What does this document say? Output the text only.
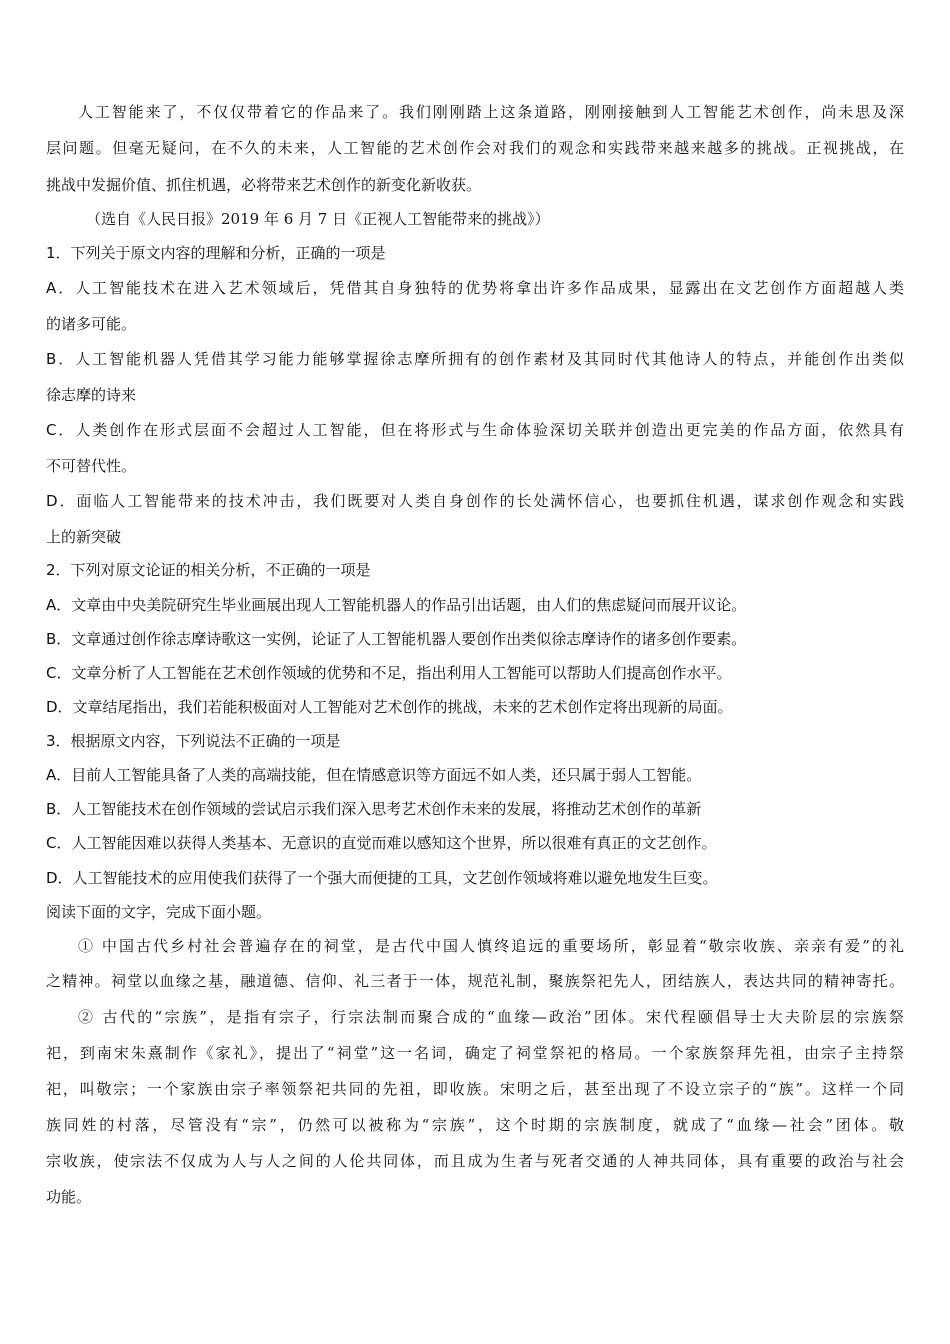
人工智能来了，不仅仅带着它的作品来了。我们刚刚踏上这条道路，刚刚接触到人工智能艺术创作，尚未思及深
层问题。但毫无疑问，在不久的未来，人工智能的艺术创作会对我们的观念和实践带来越来越多的挑战。正视挑战，在
挑战中发掘价值、抓住机遇，必将带来艺术创作的新变化新收获。
（选自《人民日报》2019 年 6 月 7 日《正视人工智能带来的挑战》）
1．下列关于原文内容的理解和分析，正确的一项是
A．人工智能技术在进入艺术领域后，凭借其自身独特的优势将拿出许多作品成果，显露出在文艺创作方面超越人类
的诸多可能。
B．人工智能机器人凭借其学习能力能够掌握徐志摩所拥有的创作素材及其同时代其他诗人的特点，并能创作出类似
徐志摩的诗来
C．人类创作在形式层面不会超过人工智能，但在将形式与生命体验深切关联并创造出更完美的作品方面，依然具有
不可替代性。
D．面临人工智能带来的技术冲击，我们既要对人类自身创作的长处满怀信心，也要抓住机遇，谋求创作观念和实践
上的新突破
2．下列对原文论证的相关分析，不正确的一项是
A．文章由中央美院研究生毕业画展出现人工智能机器人的作品引出话题，由人们的焦虑疑问而展开议论。
B．文章通过创作徐志摩诗歌这一实例，论证了人工智能机器人要创作出类似徐志摩诗作的诸多创作要素。
C．文章分析了人工智能在艺术创作领域的优势和不足，指出利用人工智能可以帮助人们提高创作水平。
D．文章结尾指出，我们若能积极面对人工智能对艺术创作的挑战，未来的艺术创作定将出现新的局面。
3．根据原文内容，下列说法不正确的一项是
A．目前人工智能具备了人类的高端技能，但在情感意识等方面远不如人类，还只属于弱人工智能。
B．人工智能技术在创作领域的尝试启示我们深入思考艺术创作未来的发展，将推动艺术创作的革新
C．人工智能因难以获得人类基本、无意识的直觉而难以感知这个世界，所以很难有真正的文艺创作。
D．人工智能技术的应用使我们获得了一个强大而便捷的工具，文艺创作领域将难以避免地发生巨变。
阅读下面的文字，完成下面小题。
① 中国古代乡村社会普遍存在的祠堂，是古代中国人慎终追远的重要场所，彰显着“敬宗收族、亲亲有爱”的礼
之精神。祠堂以血缘之基，融道德、信仰、礼三者于一体，规范礼制，聚族祭祀先人，团结族人，表达共同的精神寄托。
② 古代的“宗族”，是指有宗子，行宗法制而聚合成的“血缘—政治”团体。宋代程颐倡导士大夫阶层的宗族祭
祀，到南宋朱熹制作《家礼》，提出了“祠堂”这一名词，确定了祠堂祭祀的格局。一个家族祭拜先祖，由宗子主持祭
祀，叫敬宗；一个家族由宗子率领祭祀共同的先祖，即收族。宋明之后，甚至出现了不设立宗子的“族”。这样一个同
族同姓的村落，尽管没有“宗”，仍然可以被称为“宗族”，这个时期的宗族制度，就成了“血缘—社会”团体。敬
宗收族，使宗法不仅成为人与人之间的人伦共同体，而且成为生者与死者交通的人神共同体，具有重要的政治与社会
功能。
